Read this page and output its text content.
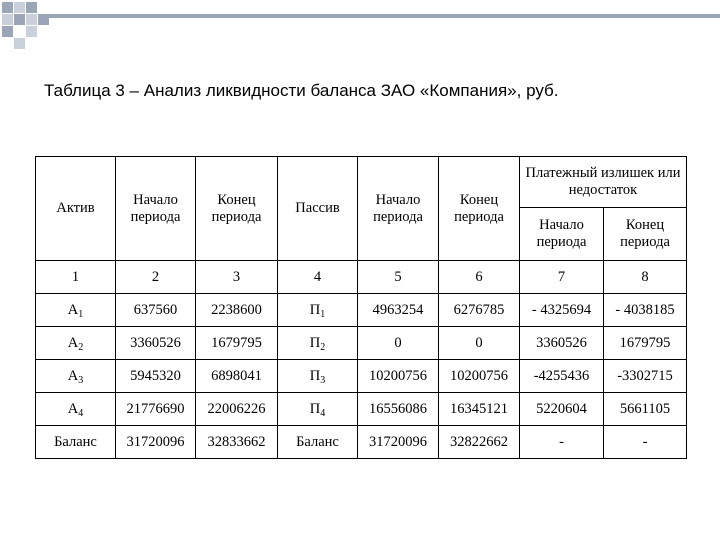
Таблица 3 – Анализ ликвидности баланса ЗАО «Компания», руб.
Актив	Начало периода	Конец периода	Пассив	Начало периода	Конец периода	Платежный излишек или недостаток	
						Начало периода	Конец периода
1	2	3	4	5	6	7	8
$А_1$	637560	2238600	$П_1$	4963254	6276785	- 4325694	- 4038185
$А_2$	3360526	1679795	$П_2$	0	0	3360526	1679795
$А_3$	5945320	6898041	$П_3$	10200756	10200756	-4255436	-3302715
$А_4$	21776690	22006226	$П_4$	16556086	16345121	5220604	5661105
Баланс	31720096	32833662	Баланс	31720096	32822662	-	-
